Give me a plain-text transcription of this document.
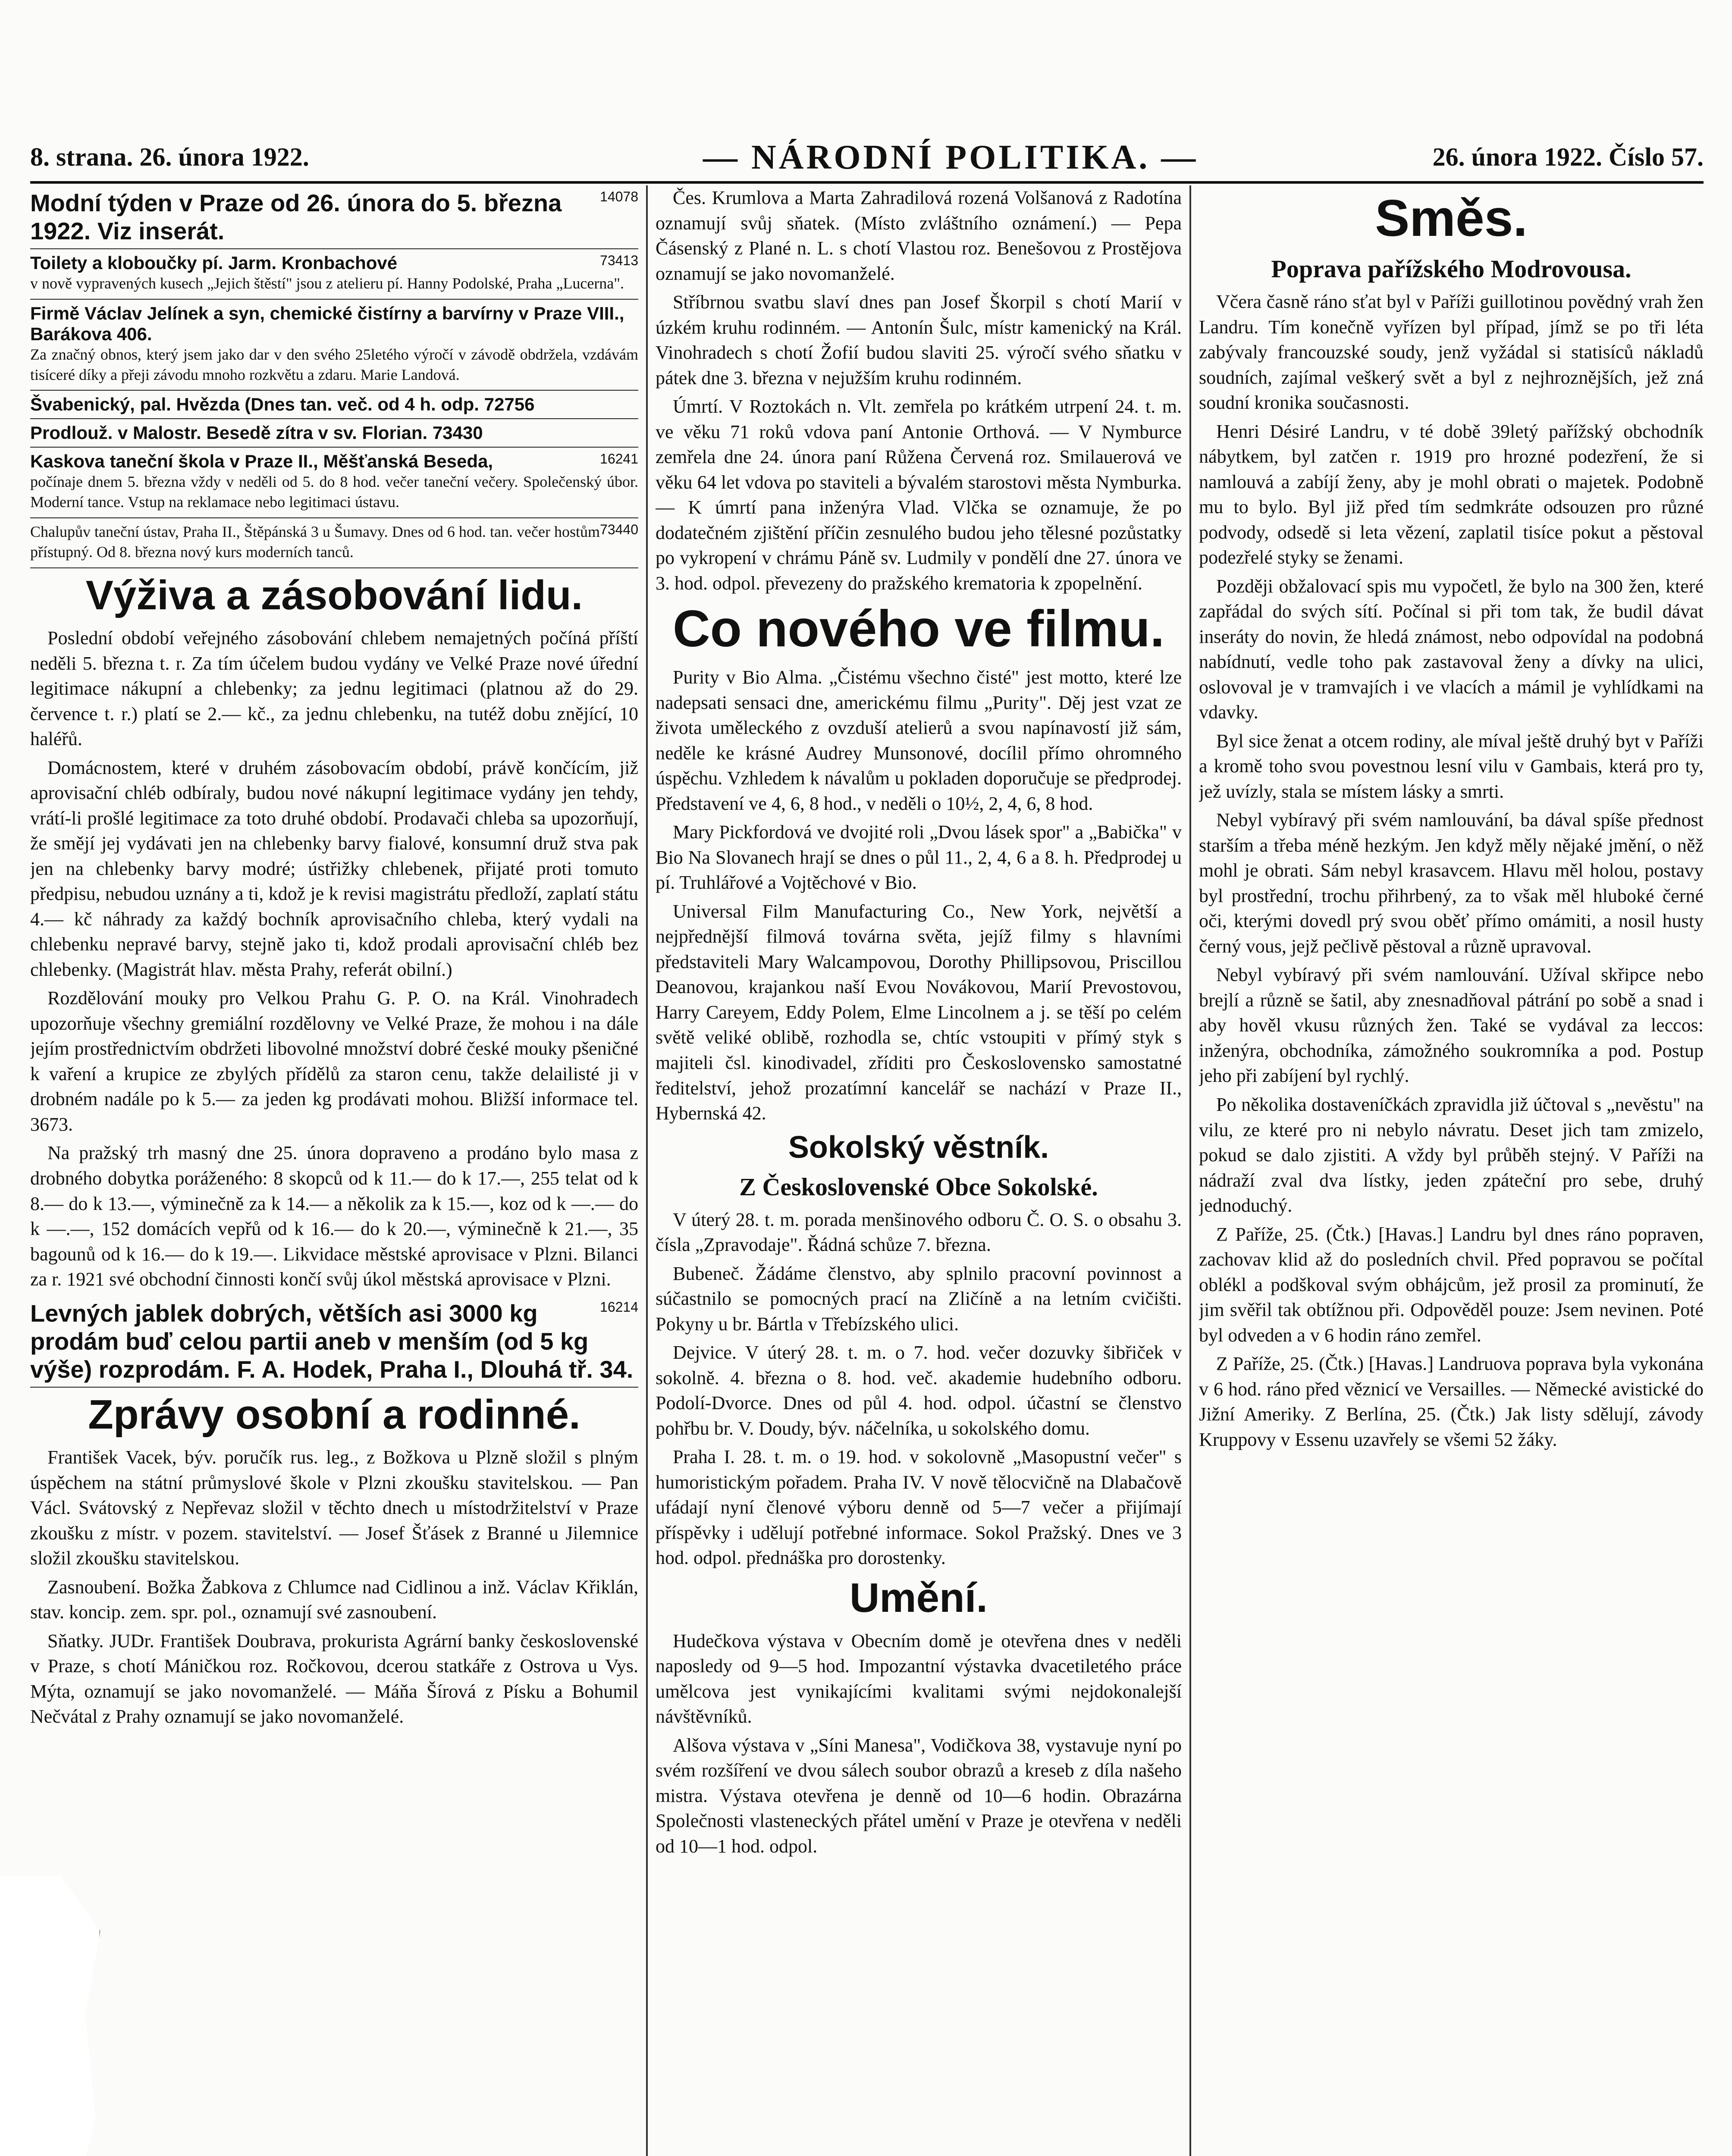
8. strana. 26. února 1922.	— NÁRODNÍ POLITIKA. —	26. února 1922. Číslo 57.
14078
Modní týden v Praze od 26. února do 5. března 1922. Viz inserát.
73413
Toilety a kloboučky pí. Jarm. Kronbachové
v nově vypravených kusech „Jejich štěstí" jsou z atelieru pí. Hanny Podolské, Praha „Lucerna".
Firmě Václav Jelínek a syn, chemické čistírny a barvírny v Praze VIII., Barákova 406.
Za značný obnos, který jsem jako dar v den svého 25letého výročí v závodě obdržela, vzdávám tisíceré díky a přeji závodu mnoho rozkvětu a zdaru. Marie Landová.
Švabenický, pal. Hvězda (Dnes tan. več. od 4 h. odp. 72756
Prodlouž. v Malostr. Besedě zítra v sv. Florian. 73430
16241
Kaskova taneční škola v Praze II., Měšťanská Beseda,
počínaje dnem 5. března vždy v neděli od 5. do 8 hod. večer taneční večery. Společenský úbor. Moderní tance. Vstup na reklamace nebo legitimaci ústavu.
73440
Chalupův taneční ústav, Praha II., Štěpánská 3 u Šumavy. Dnes od 6 hod. tan. večer hostům přístupný. Od 8. března nový kurs moderních tanců.
Výživa a zásobování lidu.

Poslední období veřejného zásobování chlebem nemajetných počíná příští neděli 5. března t. r. Za tím účelem budou vydány ve Velké Praze nové úřední legitimace nákupní a chlebenky; za jednu legitimaci (platnou až do 29. července t. r.) platí se 2.— kč., za jednu chlebenku, na tutéž dobu znějící, 10 haléřů.

Domácnostem, které v druhém zásobovacím období, právě končícím, již aprovisační chléb odbíraly, budou nové nákupní legitimace vydány jen tehdy, vrátí-li prošlé legitimace za toto druhé období. Prodavači chleba sa upozorňují, že smějí jej vydávati jen na chlebenky barvy fialové, konsumní druž stva pak jen na chlebenky barvy modré; ústřižky chlebenek, přijaté proti tomuto předpisu, nebudou uznány a ti, kdož je k revisi magistrátu předloží, zaplatí státu 4.— kč náhrady za každý bochník aprovisačního chleba, který vydali na chlebenku nepravé barvy, stejně jako ti, kdož prodali aprovisační chléb bez chlebenky. (Magistrát hlav. města Prahy, referát obilní.)

Rozdělování mouky pro Velkou Prahu G. P. O. na Král. Vinohradech upozorňuje všechny gremiální rozdělovny ve Velké Praze, že mohou i na dále jejím prostřednictvím obdržeti libovolné množství dobré české mouky pšeničné k vaření a krupice ze zbylých přídělů za staron cenu, takže delailisté ji v drobném nadále po k 5.— za jeden kg prodávati mohou. Bližší informace tel. 3673.

Na pražský trh masný dne 25. února dopraveno a prodáno bylo masa z drobného dobytka poráženého: 8 skopců od k 11.— do k 17.—, 255 telat od k 8.— do k 13.—, výminečně za k 14.— a několik za k 15.—, koz od k —.— do k —.—, 152 domácích vepřů od k 16.— do k 20.—, výminečně k 21.—, 35 bagounů od k 16.— do k 19.—. Likvidace městské aprovisace v Plzni. Bilanci za r. 1921 své obchodní činnosti končí svůj úkol městská aprovisace v Plzni.

16214
Levných jablek dobrých, větších asi 3000 kg prodám buď celou partii aneb v menším (od 5 kg výše) rozprodám. F. A. Hodek, Praha I., Dlouhá tř. 34.
Zprávy osobní a rodinné.

František Vacek, býv. poručík rus. leg., z Božkova u Plzně složil s plným úspěchem na státní průmyslové škole v Plzni zkoušku stavitelskou. — Pan Václ. Svátovský z Nepřevaz složil v těchto dnech u místodržitelství v Praze zkoušku z místr. v pozem. stavitelství. — Josef Šťásek z Branné u Jilemnice složil zkoušku stavitelskou.

Zasnoubení. Božka Žabkova z Chlumce nad Cidlinou a inž. Václav Křiklán, stav. koncip. zem. spr. pol., oznamují své zasnoubení.

Sňatky. JUDr. František Doubrava, prokurista Agrární banky československé v Praze, s chotí Máničkou roz. Ročkovou, dcerou statkáře z Ostrova u Vys. Mýta, oznamují se jako novomanželé. — Máňa Šírová z Písku a Bohumil Nečvátal z Prahy oznamují se jako novomanželé.

Čes. Krumlova a Marta Zahradilová rozená Volšanová z Radotína oznamují svůj sňatek. (Místo zvláštního oznámení.) — Pepa Čásenský z Plané n. L. s chotí Vlastou roz. Benešovou z Prostějova oznamují se jako novomanželé.

Stříbrnou svatbu slaví dnes pan Josef Škorpil s chotí Marií v úzkém kruhu rodinném. — Antonín Šulc, místr kamenický na Král. Vinohradech s chotí Žofií budou slaviti 25. výročí svého sňatku v pátek dne 3. března v nejužším kruhu rodinném.

Úmrtí. V Roztokách n. Vlt. zemřela po krátkém utrpení 24. t. m. ve věku 71 roků vdova paní Antonie Orthová. — V Nymburce zemřela dne 24. února paní Růžena Červená roz. Smilauerová ve věku 64 let vdova po staviteli a bývalém starostovi města Nymburka. — K úmrtí pana inženýra Vlad. Vlčka se oznamuje, že po dodatečném zjištění příčin zesnulého budou jeho tělesné pozůstatky po vykropení v chrámu Páně sv. Ludmily v pondělí dne 27. února ve 3. hod. odpol. převezeny do pražského krematoria k zpopelnění.

Co nového ve filmu.

Purity v Bio Alma. „Čistému všechno čisté" jest motto, které lze nadepsati sensaci dne, americkému filmu „Purity". Děj jest vzat ze života uměleckého z ovzduší atelierů a svou napínavostí již sám, neděle ke krásné Audrey Munsonové, docílil přímo ohromného úspěchu. Vzhledem k návalům u pokladen doporučuje se předprodej. Představení ve 4, 6, 8 hod., v neděli o 10½, 2, 4, 6, 8 hod.

Mary Pickfordová ve dvojité roli „Dvou lásek spor" a „Babička" v Bio Na Slovanech hrají se dnes o půl 11., 2, 4, 6 a 8. h. Předprodej u pí. Truhlářové a Vojtěchové v Bio.

Universal Film Manufacturing Co., New York, největší a nejpřednější filmová továrna světa, jejíž filmy s hlavními představiteli Mary Walcampovou, Dorothy Phillipsovou, Priscillou Deanovou, krajankou naší Evou Novákovou, Marií Prevostovou, Harry Careyem, Eddy Polem, Elme Lincolnem a j. se těší po celém světě veliké oblibě, rozhodla se, chtíc vstoupiti v přímý styk s majiteli čsl. kinodivadel, zříditi pro Československo samostatné ředitelství, jehož prozatímní kancelář se nachází v Praze II., Hybernská 42.

Sokolský věstník.
Z Československé Obce Sokolské.

V úterý 28. t. m. porada menšinového odboru Č. O. S. o obsahu 3. čísla „Zpravodaje". Řádná schůze 7. března.

Bubeneč. Žádáme členstvo, aby splnilo pracovní povinnost a súčastnilo se pomocných prací na Zličíně a na letním cvičišti. Pokyny u br. Bártla v Třebízského ulici.

Dejvice. V úterý 28. t. m. o 7. hod. večer dozuvky šibřiček v sokolně. 4. března o 8. hod. več. akademie hudebního odboru. Podolí-Dvorce. Dnes od půl 4. hod. odpol. účastní se členstvo pohřbu br. V. Doudy, býv. náčelníka, u sokolského domu.

Praha I. 28. t. m. o 19. hod. v sokolovně „Masopustní večer" s humoristickým pořadem. Praha IV. V nově tělocvičně na Dlabačově ufádají nyní členové výboru denně od 5—7 večer a přijímají příspěvky i udělují potřebné informace. Sokol Pražský. Dnes ve 3 hod. odpol. přednáška pro dorostenky.

Umění.

Hudečkova výstava v Obecním domě je otevřena dnes v neděli naposledy od 9—5 hod. Impozantní výstavka dvacetiletého práce umělcova jest vynikajícími kvalitami svými nejdokonalejší návštěvníků.

Alšova výstava v „Síni Manesa", Vodičkova 38, vystavuje nyní po svém rozšíření ve dvou sálech soubor obrazů a kreseb z díla našeho mistra. Výstava otevřena je denně od 10—6 hodin. Obrazárna Společnosti vlasteneckých přátel umění v Praze je otevřena v neděli od 10—1 hod. odpol.

Směs.
Poprava pařížského Modrovousa.

Včera časně ráno sťat byl v Paříži guillotinou povědný vrah žen Landru. Tím konečně vyřízen byl případ, jímž se po tři léta zabývaly francouzské soudy, jenž vyžádal si statisíců nákladů soudních, zajímal veškerý svět a byl z nejhroznějších, jež zná soudní kronika současnosti.

Henri Désiré Landru, v té době 39letý pařížský obchodník nábytkem, byl zatčen r. 1919 pro hrozné podezření, že si namlouvá a zabíjí ženy, aby je mohl obrati o majetek. Podobně mu to bylo. Byl již před tím sedmkráte odsouzen pro různé podvody, odsedě si leta vězení, zaplatil tisíce pokut a pěstoval podezřelé styky se ženami.

Později obžalovací spis mu vypočetl, že bylo na 300 žen, které zapřádal do svých sítí. Počínal si při tom tak, že budil dávat inseráty do novin, že hledá známost, nebo odpovídal na podobná nabídnutí, vedle toho pak zastavoval ženy a dívky na ulici, oslovoval je v tramvajích i ve vlacích a mámil je vyhlídkami na vdavky.

Byl sice ženat a otcem rodiny, ale míval ještě druhý byt v Paříži a kromě toho svou povestnou lesní vilu v Gambais, která pro ty, jež uvízly, stala se místem lásky a smrti.

Nebyl vybíravý při svém namlouvání, ba dával spíše přednost starším a třeba méně hezkým. Jen když měly nějaké jmění, o něž mohl je obrati. Sám nebyl krasavcem. Hlavu měl holou, postavy byl prostřední, trochu přihrbený, za to však měl hluboké černé oči, kterými dovedl prý svou oběť přímo omámiti, a nosil husty černý vous, jejž pečlivě pěstoval a různě upravoval.

Nebyl vybíravý při svém namlouvání. Užíval skřipce nebo brejlí a různě se šatil, aby znesnadňoval pátrání po sobě a snad i aby hověl vkusu různých žen. Také se vydával za leccos: inženýra, obchodníka, zámožného soukromníka a pod. Postup jeho při zabíjení byl rychlý.

Po několika dostaveníčkách zpravidla již účtoval s „nevěstu" na vilu, ze které pro ni nebylo návratu. Deset jich tam zmizelo, pokud se dalo zjistiti. A vždy byl průběh stejný. V Paříži na nádraží zval dva lístky, jeden zpáteční pro sebe, druhý jednoduchý.

Z Paříže, 25. (Čtk.) [Havas.] Landru byl dnes ráno popraven, zachovav klid až do posledních chvil. Před popravou se počítal oblékl a podškoval svým obhájcům, jež prosil za prominutí, že jim svěřil tak obtížnou při. Odpověděl pouze: Jsem nevinen. Poté byl odveden a v 6 hodin ráno zemřel.

Z Paříže, 25. (Čtk.) [Havas.] Landruova poprava byla vykonána v 6 hod. ráno před věznicí ve Versailles. — Německé avistické do Jižní Ameriky. Z Berlína, 25. (Čtk.) Jak listy sdělují, závody Kruppovy v Essenu uzavřely se všemi 52 žáky.
